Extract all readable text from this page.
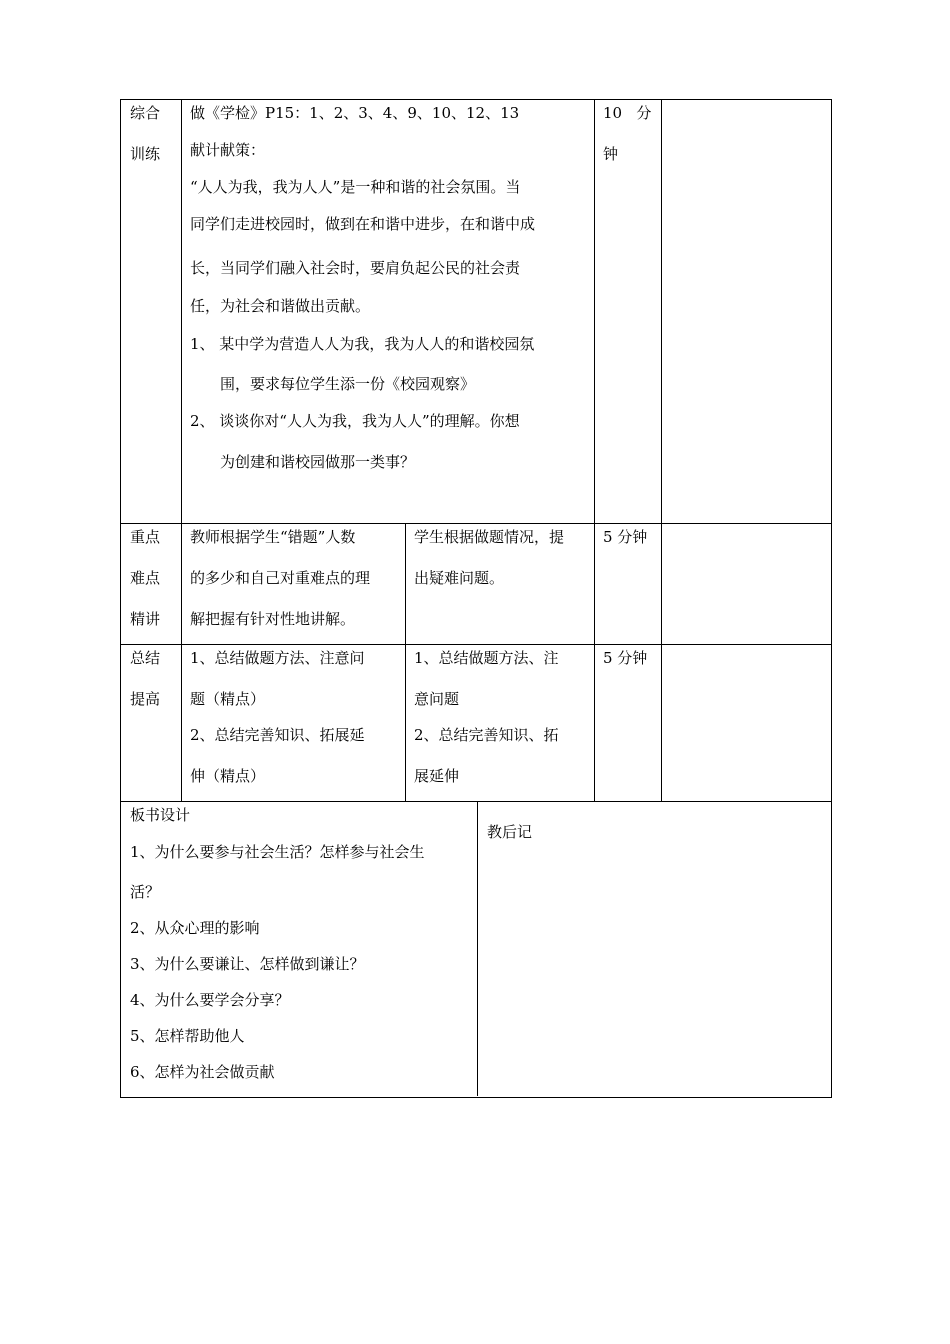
综合
训练
做《学检》P15：1、2、3、4、9、10、12、13
献计献策：
“人人为我，我为人人”是一种和谐的社会氛围。当
同学们走进校园时，做到在和谐中进步，在和谐中成
长，当同学们融入社会时，要肩负起公民的社会责
任，为社会和谐做出贡献。
1、 某中学为营造人人为我，我为人人的和谐校园氛
围，要求每位学生添一份《校园观察》
2、 谈谈你对“人人为我，我为人人”的理解。你想
为创建和谐校园做那一类事？
10   分
钟
重点
难点
精讲
教师根据学生“错题”人数
的多少和自己对重难点的理
解把握有针对性地讲解。
学生根据做题情况，提
出疑难问题。
5 分钟
总结
提高
1、总结做题方法、注意问
题（精点）
2、总结完善知识、拓展延
伸（精点）
1、总结做题方法、注
意问题
2、总结完善知识、拓
展延伸
5 分钟
板书设计
1、为什么要参与社会生活？怎样参与社会生
活？
2、从众心理的影响
3、为什么要谦让、怎样做到谦让？
4、为什么要学会分享？
5、怎样帮助他人
6、怎样为社会做贡献
教后记
